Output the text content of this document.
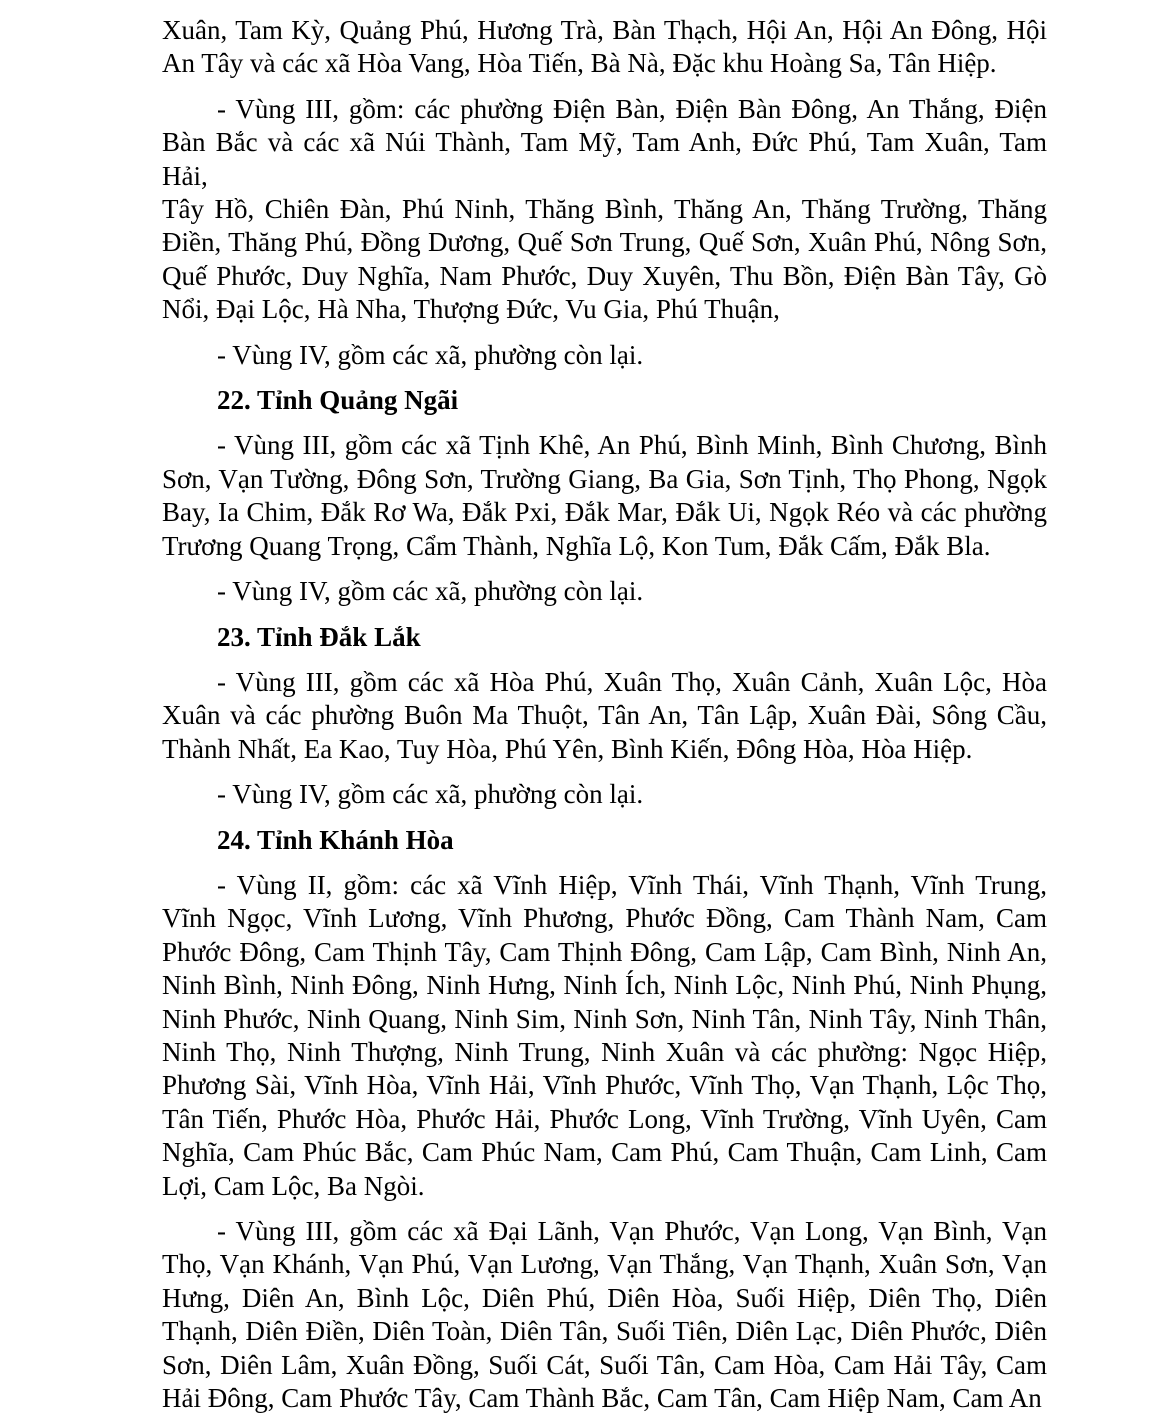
Xuân, Tam Kỳ, Quảng Phú, Hương Trà, Bàn Thạch, Hội An, Hội An Đông, Hội
An Tây và các xã Hòa Vang, Hòa Tiến, Bà Nà, Đặc khu Hoàng Sa, Tân Hiệp.

- Vùng III, gồm: các phường Điện Bàn, Điện Bàn Đông, An Thắng, Điện
Bàn Bắc và các xã Núi Thành, Tam Mỹ, Tam Anh, Đức Phú, Tam Xuân, Tam Hải,
Tây Hồ, Chiên Đàn, Phú Ninh, Thăng Bình, Thăng An, Thăng Trường, Thăng
Điền, Thăng Phú, Đồng Dương, Quế Sơn Trung, Quế Sơn, Xuân Phú, Nông Sơn,
Quế Phước, Duy Nghĩa, Nam Phước, Duy Xuyên, Thu Bồn, Điện Bàn Tây, Gò
Nổi, Đại Lộc, Hà Nha, Thượng Đức, Vu Gia, Phú Thuận,

- Vùng IV, gồm các xã, phường còn lại.

22. Tỉnh Quảng Ngãi

- Vùng III, gồm các xã Tịnh Khê, An Phú, Bình Minh, Bình Chương, Bình
Sơn, Vạn Tường, Đông Sơn, Trường Giang, Ba Gia, Sơn Tịnh, Thọ Phong, Ngọk
Bay, Ia Chim, Đắk Rơ Wa, Đắk Pxi, Đắk Mar, Đắk Ui, Ngọk Réo và các phường
Trương Quang Trọng, Cẩm Thành, Nghĩa Lộ, Kon Tum, Đắk Cấm, Đắk Bla.

- Vùng IV, gồm các xã, phường còn lại.

23. Tỉnh Đắk Lắk

- Vùng III, gồm các xã Hòa Phú, Xuân Thọ, Xuân Cảnh, Xuân Lộc, Hòa
Xuân và các phường Buôn Ma Thuột, Tân An, Tân Lập, Xuân Đài, Sông Cầu,
Thành Nhất, Ea Kao, Tuy Hòa, Phú Yên, Bình Kiến, Đông Hòa, Hòa Hiệp.

- Vùng IV, gồm các xã, phường còn lại.

24. Tỉnh Khánh Hòa

- Vùng II, gồm: các xã Vĩnh Hiệp, Vĩnh Thái, Vĩnh Thạnh, Vĩnh Trung,
Vĩnh Ngọc, Vĩnh Lương, Vĩnh Phương, Phước Đồng, Cam Thành Nam, Cam
Phước Đông, Cam Thịnh Tây, Cam Thịnh Đông, Cam Lập, Cam Bình, Ninh An,
Ninh Bình, Ninh Đông, Ninh Hưng, Ninh Ích, Ninh Lộc, Ninh Phú, Ninh Phụng,
Ninh Phước, Ninh Quang, Ninh Sim, Ninh Sơn, Ninh Tân, Ninh Tây, Ninh Thân,
Ninh Thọ, Ninh Thượng, Ninh Trung, Ninh Xuân và các phường: Ngọc Hiệp,
Phương Sài, Vĩnh Hòa, Vĩnh Hải, Vĩnh Phước, Vĩnh Thọ, Vạn Thạnh, Lộc Thọ,
Tân Tiến, Phước Hòa, Phước Hải, Phước Long, Vĩnh Trường, Vĩnh Uyên, Cam
Nghĩa, Cam Phúc Bắc, Cam Phúc Nam, Cam Phú, Cam Thuận, Cam Linh, Cam
Lợi, Cam Lộc, Ba Ngòi.

- Vùng III, gồm các xã Đại Lãnh, Vạn Phước, Vạn Long, Vạn Bình, Vạn
Thọ, Vạn Khánh, Vạn Phú, Vạn Lương, Vạn Thắng, Vạn Thạnh, Xuân Sơn, Vạn
Hưng, Diên An, Bình Lộc, Diên Phú, Diên Hòa, Suối Hiệp, Diên Thọ, Diên
Thạnh, Diên Điền, Diên Toàn, Diên Tân, Suối Tiên, Diên Lạc, Diên Phước, Diên
Sơn, Diên Lâm, Xuân Đồng, Suối Cát, Suối Tân, Cam Hòa, Cam Hải Tây, Cam
Hải Đông, Cam Phước Tây, Cam Thành Bắc, Cam Tân, Cam Hiệp Nam, Cam An
